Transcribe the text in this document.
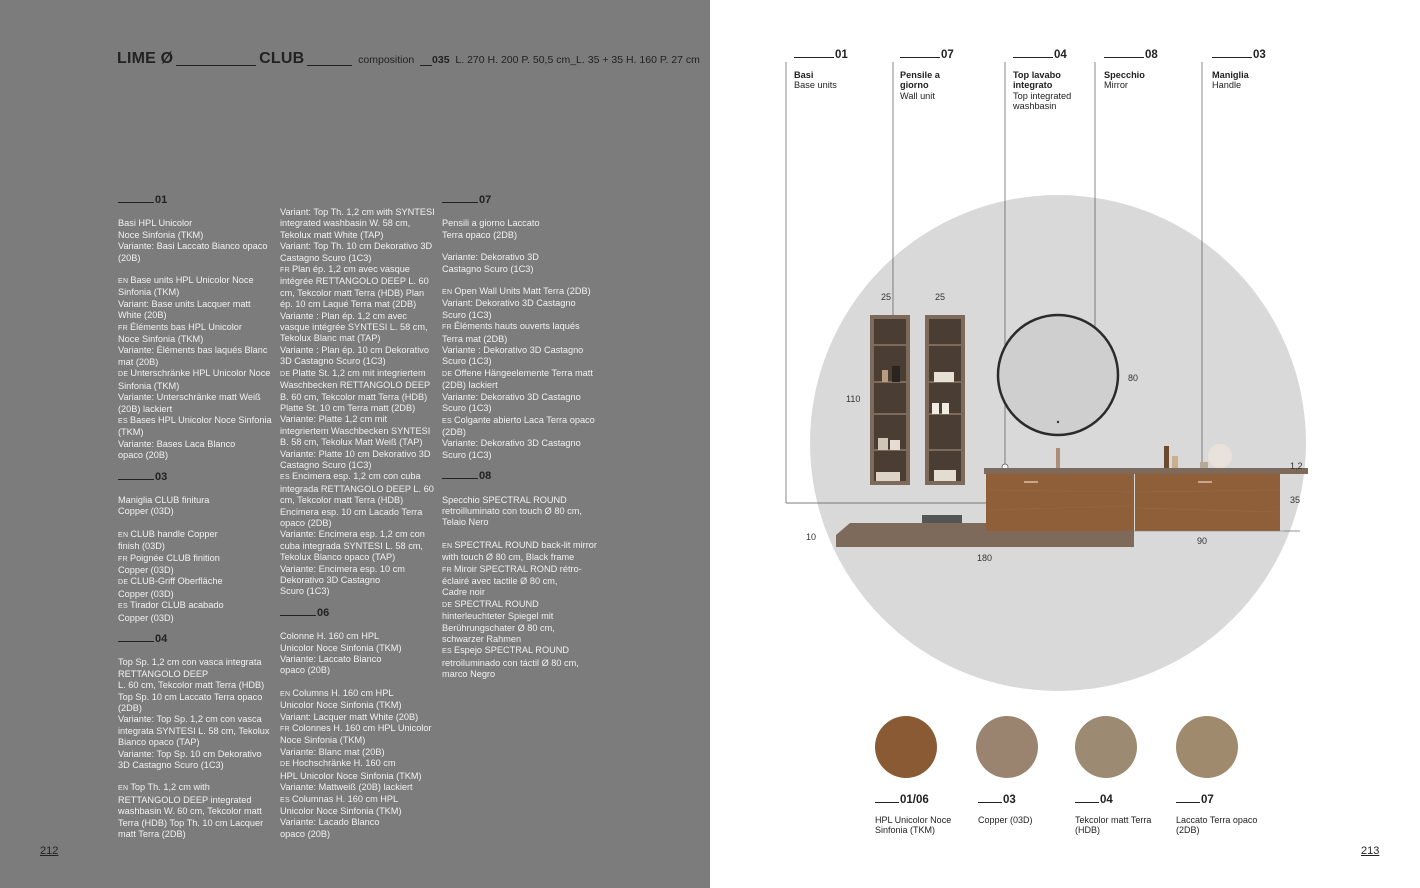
LIME Ø	CLUB	composition 035 L. 270 H. 200 P. 50,5 cm_L. 35 + 35 H. 160 P. 27 cm
01

Basi HPL Unicolor

Noce Sinfonia (TKM)

Variante: Basi Laccato Bianco opaco (20B)

EN Base units HPL Unicolor Noce Sinfonia (TKM)

Variant: Base units Lacquer matt White (20B)

FR Éléments bas HPL Unicolor

Noce Sinfonia (TKM)

Variante: Éléments bas laqués Blanc mat (20B)

DE Unterschränke HPL Unicolor Noce Sinfonia (TKM)

Variante: Unterschränke matt Weiß (20B) lackiert

ES Bases HPL Unicolor Noce Sinfonia (TKM)

Variante: Bases Laca Blanco

opaco (20B)

03

Maniglia CLUB finitura

Copper (03D)

EN CLUB handle Copper

finish (03D)

FR Poignée CLUB finition

Copper (03D)

DE CLUB-Griff Oberfläche

Copper (03D)

ES Tirador CLUB acabado

Copper (03D)

04

Top Sp. 1,2 cm con vasca integrata

RETTANGOLO DEEP

L. 60 cm, Tekcolor matt Terra (HDB)

Top Sp. 10 cm Laccato Terra opaco (2DB)

Variante: Top Sp. 1,2 cm con vasca integrata SYNTESI L. 58 cm, Tekolux Bianco opaco (TAP)

Variante: Top Sp. 10 cm Dekorativo 3D Castagno Scuro (1C3)

EN Top Th. 1,2 cm with

RETTANGOLO DEEP integrated washbasin W. 60 cm, Tekcolor matt Terra (HDB) Top Th. 10 cm Lacquer matt Terra (2DB)

Variant: Top Th. 1,2 cm with SYNTESI integrated washbasin W. 58 cm, Tekolux matt White (TAP)

Variant: Top Th. 10 cm Dekorativo 3D Castagno Scuro (1C3)

FR Plan ép. 1,2 cm avec vasque intégrée RETTANGOLO DEEP L. 60 cm, Tekcolor matt Terra (HDB) Plan ép. 10 cm Laqué Terra mat (2DB)

Variante : Plan ép. 1,2 cm avec vasque intégrée SYNTESI L. 58 cm, Tekolux Blanc mat (TAP)

Variante : Plan ép. 10 cm Dekorativo 3D Castagno Scuro (1C3)

DE Platte St. 1,2 cm mit integriertem Waschbecken RETTANGOLO DEEP B. 60 cm, Tekcolor matt Terra (HDB) Platte St. 10 cm Terra matt (2DB)

Variante: Platte 1,2 cm mit integriertem Waschbecken SYNTESI B. 58 cm, Tekolux Matt Weiß (TAP)

Variante: Platte 10 cm Dekorativo 3D Castagno Scuro (1C3)

ES Encimera esp. 1,2 cm con cuba integrada RETTANGOLO DEEP L. 60 cm, Tekcolor matt Terra (HDB) Encimera esp. 10 cm Lacado Terra opaco (2DB)

Variante: Encimera esp. 1,2 cm con cuba integrada SYNTESI L. 58 cm, Tekolux Blanco opaco (TAP)

Variante: Encimera esp. 10 cm Dekorativo 3D Castagno

Scuro (1C3)

06

Colonne H. 160 cm HPL

Unicolor Noce Sinfonia (TKM)

Variante: Laccato Bianco

opaco (20B)

EN Columns H. 160 cm HPL

Unicolor Noce Sinfonia (TKM)

Variant: Lacquer matt White (20B)

FR Colonnes H. 160 cm HPL Unicolor

Noce Sinfonia (TKM)

Variante: Blanc mat (20B)

DE Hochschränke H. 160 cm

HPL Unicolor Noce Sinfonia (TKM)

Variante: Mattweiß (20B) lackiert

ES Columnas H. 160 cm HPL

Unicolor Noce Sinfonia (TKM)

Variante: Lacado Blanco

opaco (20B)

07

Pensili a giorno Laccato

Terra opaco (2DB)

Variante: Dekorativo 3D

Castagno Scuro (1C3)

EN Open Wall Units Matt Terra (2DB)

Variant: Dekorativo 3D Castagno Scuro (1C3)

FR Éléments hauts ouverts laqués

Terra mat (2DB)

Variante : Dekorativo 3D Castagno Scuro (1C3)

DE Offene Hängeelemente Terra matt (2DB) lackiert

Variante: Dekorativo 3D Castagno Scuro (1C3)

ES Colgante abierto Laca Terra opaco (2DB)

Variante: Dekorativo 3D Castagno Scuro (1C3)

08

Specchio SPECTRAL ROUND

retroilluminato con touch Ø 80 cm,

Telaio Nero

EN SPECTRAL ROUND back-lit mirror

with touch Ø 80 cm, Black frame

FR Miroir SPECTRAL ROND rétro-

éclairé avec tactile Ø 80 cm,

Cadre noir

DE SPECTRAL ROUND

hinterleuchteter Spiegel mit

Berührungschater Ø 80 cm,

schwarzer Rahmen

ES Espejo SPECTRAL ROUND

retroiluminado con táctil Ø 80 cm,

marco Negro

212
01
Basi
Base units
07
Pensile a giorno
Wall unit
04
Top lavabo integrato
Top integrated washbasin
08
Specchio
Mirror
03
Maniglia
Handle
25	25
110
80
1,2
35
10
180
90
01/06
HPL Unicolor Noce Sinfonia (TKM)
03
Copper (03D)
04
Tekcolor matt Terra (HDB)
07
Laccato Terra opaco (2DB)
213
